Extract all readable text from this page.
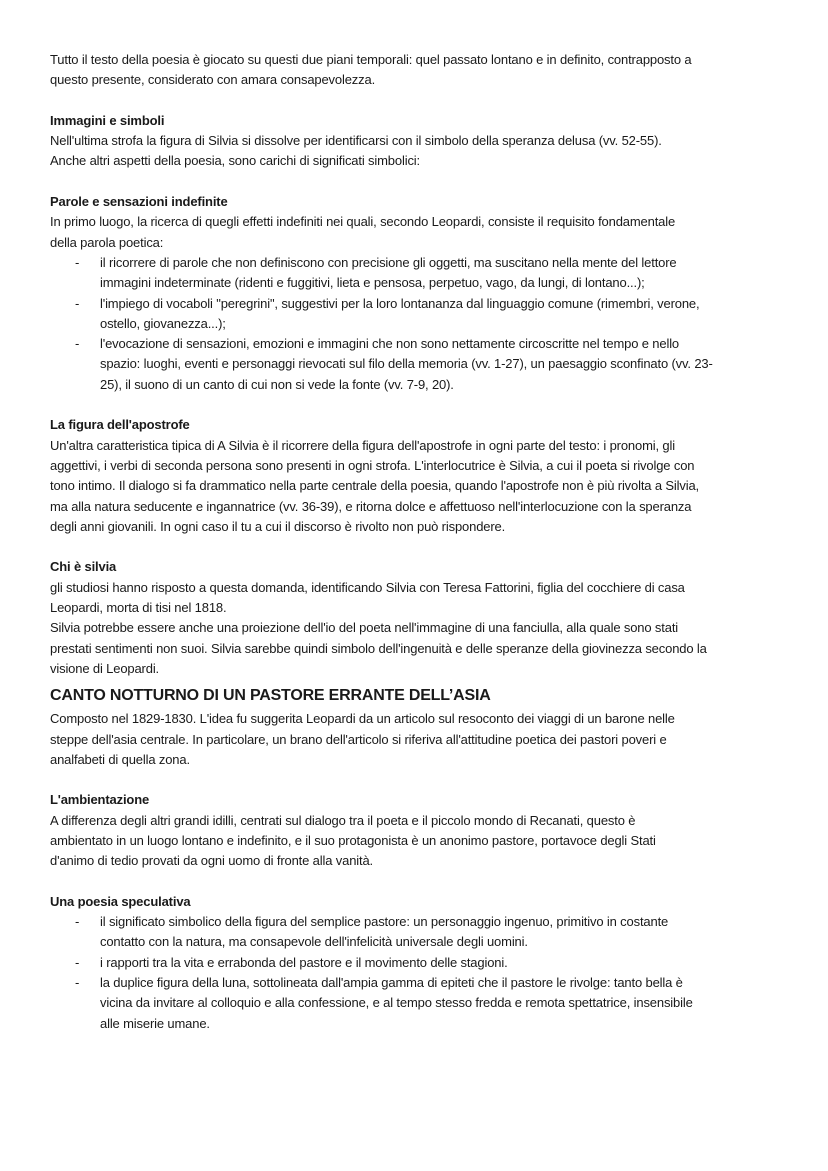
Tutto il testo della poesia è giocato su questi due piani temporali: quel passato lontano e in definito, contrapposto a
questo presente, considerato con amara consapevolezza.
Immagini e simboli
Nell'ultima strofa la figura di Silvia si dissolve per identificarsi con il simbolo della speranza delusa (vv. 52-55).
Anche altri aspetti della poesia, sono carichi di significati simbolici:
Parole e sensazioni indefinite
In primo luogo, la ricerca di quegli effetti indefiniti nei quali, secondo Leopardi, consiste il requisito fondamentale
della parola poetica:
- il ricorrere di parole che non definiscono con precisione gli oggetti, ma suscitano nella mente del lettore
immagini indeterminate (ridenti e fuggitivi, lieta e pensosa, perpetuo, vago, da lungi, di lontano...);
- l'impiego di vocaboli "peregrini", suggestivi per la loro lontananza dal linguaggio comune (rimembri, verone,
ostello, giovanezza...);
- l'evocazione di sensazioni, emozioni e immagini che non sono nettamente circoscritte nel tempo e nello
spazio: luoghi, eventi e personaggi rievocati sul filo della memoria (vv. 1-27), un paesaggio sconfinato (vv. 23-
25), il suono di un canto di cui non si vede la fonte (vv. 7-9, 20).
La figura dell'apostrofe
Un'altra caratteristica tipica di A Silvia è il ricorrere della figura dell'apostrofe in ogni parte del testo: i pronomi, gli
aggettivi, i verbi di seconda persona sono presenti in ogni strofa. L'interlocutrice è Silvia, a cui il poeta si rivolge con
tono intimo. Il dialogo si fa drammatico nella parte centrale della poesia, quando l'apostrofe non è più rivolta a Silvia,
ma alla natura seducente e ingannatrice (vv. 36-39), e ritorna dolce e affettuoso nell'interlocuzione con la speranza
degli anni giovanili. In ogni caso il tu a cui il discorso è rivolto non può rispondere.
Chi è silvia
gli studiosi hanno risposto a questa domanda, identificando Silvia con Teresa Fattorini, figlia del cocchiere di casa
Leopardi, morta di tisi nel 1818.
Silvia potrebbe essere anche una proiezione dell'io del poeta nell'immagine di una fanciulla, alla quale sono stati
prestati sentimenti non suoi. Silvia sarebbe quindi simbolo dell'ingenuità e delle speranze della giovinezza secondo la
visione di Leopardi.
CANTO NOTTURNO DI UN PASTORE ERRANTE DELL’ASIA
Composto nel 1829-1830. L'idea fu suggerita Leopardi da un articolo sul resoconto dei viaggi di un barone nelle
steppe dell'asia centrale. In particolare, un brano dell'articolo si riferiva all'attitudine poetica dei pastori poveri e
analfabeti di quella zona.
L'ambientazione
A differenza degli altri grandi idilli, centrati sul dialogo tra il poeta e il piccolo mondo di Recanati, questo è
ambientato in un luogo lontano e indefinito, e il suo protagonista è un anonimo pastore, portavoce degli Stati
d'animo di tedio provati da ogni uomo di fronte alla vanità.
Una poesia speculativa
- il significato simbolico della figura del semplice pastore: un personaggio ingenuo, primitivo in costante
contatto con la natura, ma consapevole dell'infelicità universale degli uomini.
- i rapporti tra la vita e errabonda del pastore e il movimento delle stagioni.
- la duplice figura della luna, sottolineata dall'ampia gamma di epiteti che il pastore le rivolge: tanto bella è
vicina da invitare al colloquio e alla confessione, e al tempo stesso fredda e remota spettatrice, insensibile
alle miserie umane.
